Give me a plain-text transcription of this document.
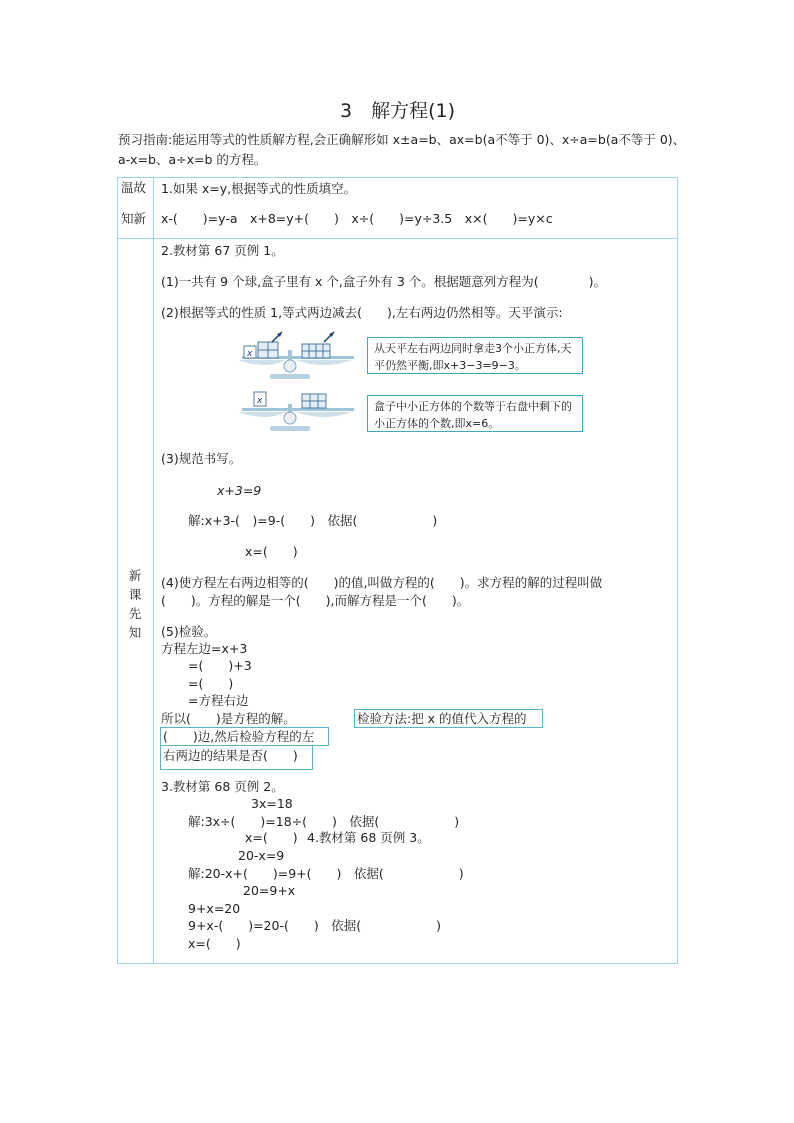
3　解方程(1)
预习指南:能运用等式的性质解方程,会正确解形如 x±a=b、ax=b(a不等于 0)、x÷a=b(a不等于 0)、a-x=b、a÷x=b 的方程。
温故
知新
新课先知
1.如果 x=y,根据等式的性质填空。
x-(  )=y-a x+8=y+(  ) x÷(  )=y÷3.5 x×(  )=y×c
2.教材第 67 页例 1。
(1)一共有 9 个球,盒子里有 x 个,盒子外有 3 个。根据题意列方程为(    )。
(2)根据等式的性质 1,等式两边减去(  ),左右两边仍然相等。天平演示:
x
x
从天平左右两边同时拿走3个小正方体,天平仍然平衡,即x+3−3=9−3。
盒子中小正方体的个数等于右盘中剩下的小正方体的个数,即x=6。
(3)规范书写。
x+3=9
解:x+3-( )=9-(  ) 依据(      )
x=(  )
(4)使方程左右两边相等的(  )的值,叫做方程的(  )。求方程的解的过程叫做
(  )。方程的解是一个(  ),而解方程是一个(  )。
(5)检验。
方程左边=x+3
=(  )+3
=(  )
=方程右边
所以(  )是方程的解。	检验方法:把 x 的值代入方程的
(  )边,然后检验方程的左
右两边的结果是否(  )
3.教材第 68 页例 2。
3x=18
解:3x÷(  )=18÷(  ) 依据(      )
x=(  ) 4.教材第 68 页例 3。
20-x=9
解:20-x+(  )=9+(  ) 依据(      )
20=9+x
9+x=20
9+x-(  )=20-(  ) 依据(      )
x=(  )
